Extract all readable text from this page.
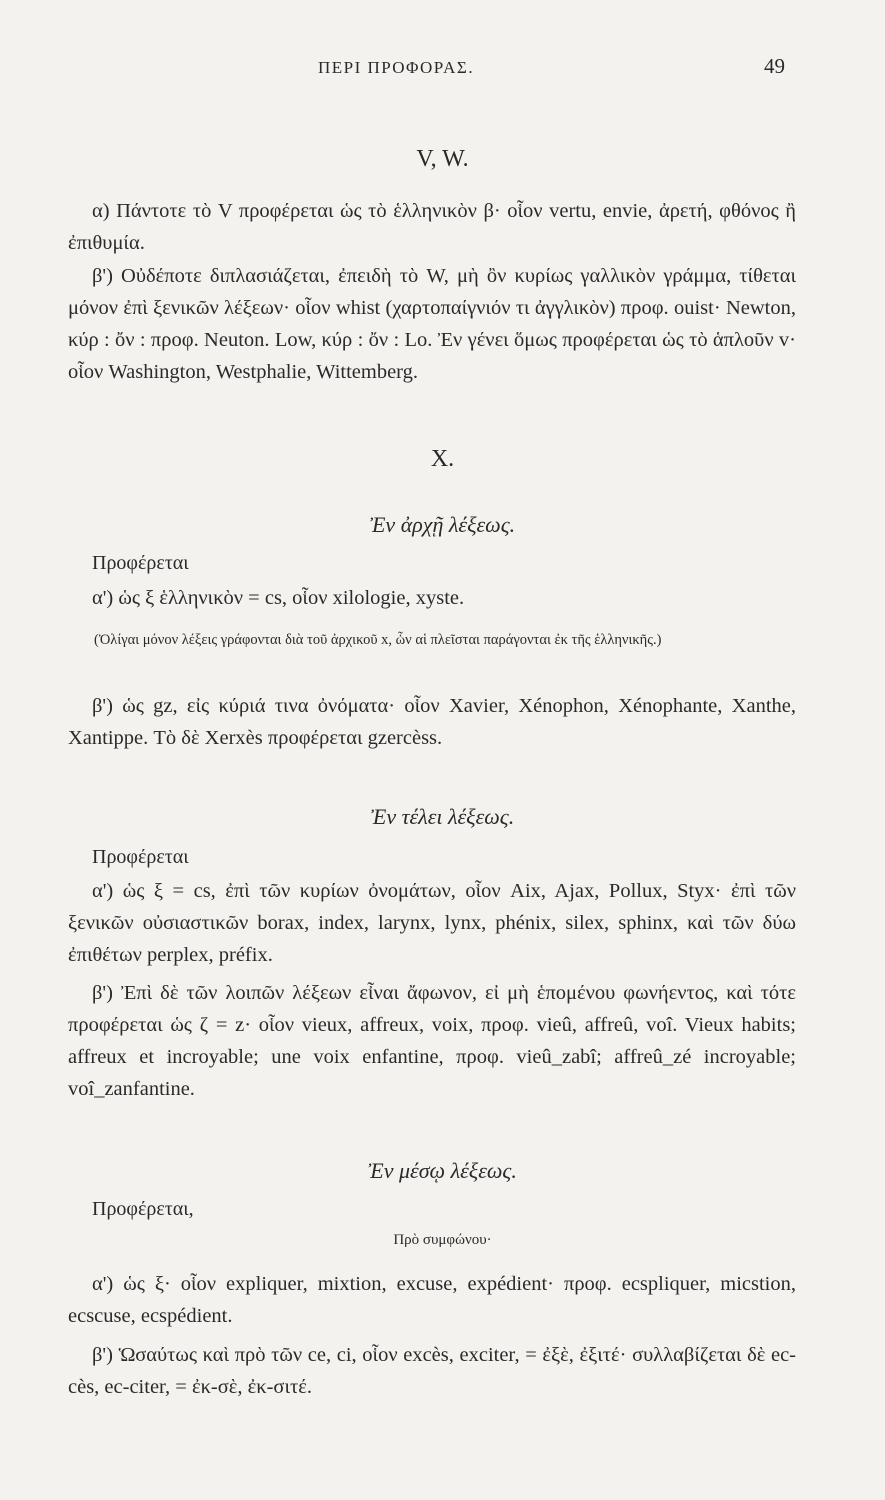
ΠΕΡΙ ΠΡΟΦΟΡΑΣ.	49
V, W.

α) Πάντοτε τὸ V προφέρεται ὡς τὸ ἑλληνικὸν β· οἷον vertu, envie, ἀρετή, φθόνος ἢ ἐπιθυμία.

β') Οὐδέποτε διπλασιάζεται, ἐπειδὴ τὸ W, μὴ ὂν κυρίως γαλλικὸν γράμμα, τίθεται μόνον ἐπὶ ξενικῶν λέξεων· οἷον whist (χαρτοπαίγνιόν τι ἀγγλικὸν) προφ. ouist· Newton, κύρ : ὄν : προφ. Neuton. Low, κύρ : ὄν : Lo. Ἐν γένει ὅμως προφέρεται ὡς τὸ ἁπλοῦν v· οἷον Washington, Westphalie, Wittemberg.

X.
Ἐν ἀρχῇ λέξεως.
Προφέρεται

α') ὡς ξ ἑλληνικὸν = cs, οἷον xilologie, xyste.

(Ὀλίγαι μόνον λέξεις γράφονται διὰ τοῦ ἀρχικοῦ x, ὧν αἱ πλεῖσται παράγονται ἐκ τῆς ἑλληνικῆς.)

β') ὡς gz, εἰς κύριά τινα ὀνόματα· οἷον Xavier, Xénophon, Xénophante, Xanthe, Xantippe. Τὸ δὲ Xerxès προφέρεται gzercèss.

Ἐν τέλει λέξεως.
Προφέρεται

α') ὡς ξ = cs, ἐπὶ τῶν κυρίων ὀνομάτων, οἷον Aix, Ajax, Pollux, Styx· ἐπὶ τῶν ξενικῶν οὐσιαστικῶν borax, index, larynx, lynx, phénix, silex, sphinx, καὶ τῶν δύω ἐπιθέτων perplex, préfix.

β') Ἐπὶ δὲ τῶν λοιπῶν λέξεων εἶναι ἄφωνον, εἰ μὴ ἑπομένου φωνήεντος, καὶ τότε προφέρεται ὡς ζ = z· οἷον vieux, affreux, voix, προφ. vieû, affreû, voî. Vieux habits; affreux et incroyable; une voix enfantine, προφ. vieû_zabî; affreû_zé incroyable; voî_zanfantine.

Ἐν μέσῳ λέξεως.
Προφέρεται,
Πρὸ συμφώνου·

α') ὡς ξ· οἷον expliquer, mixtion, excuse, expédient· προφ. ecspliquer, micstion, ecscuse, ecspédient.

β') Ὡσαύτως καὶ πρὸ τῶν ce, ci, οἷον excès, exciter, = ἐξὲ, ἐξιτέ· συλλαβίζεται δὲ ec-cès, ec-citer, = ἐκ-σὲ, ἐκ-σιτέ.
